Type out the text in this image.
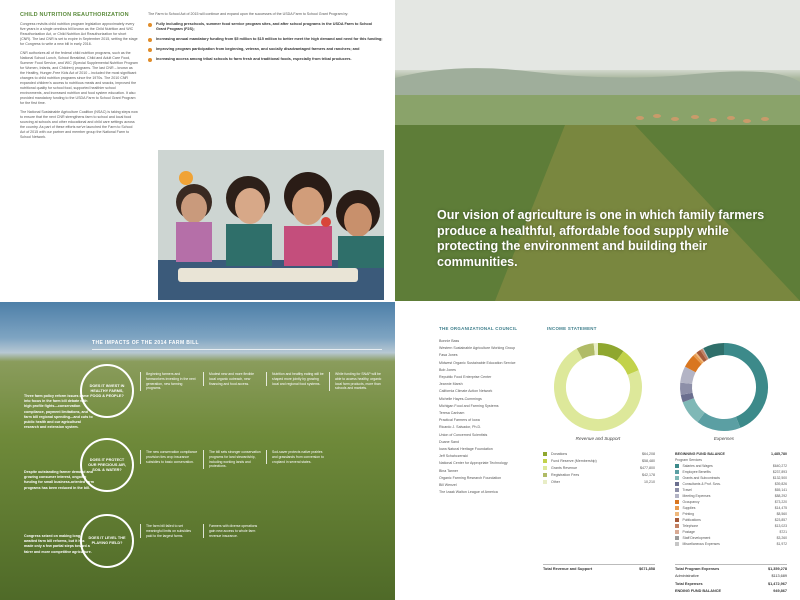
CHILD NUTRITION REAUTHORIZATION

Congress revisits child nutrition program legislation approximately every five years in a single omnibus bill known as the Child Nutrition and WIC Reauthorization Act, or Child Nutrition Act Reauthorization for short (CNR). The last CNR is set to expire in September 2015, setting the stage for Congress to write a new bill in early 2016.

CNR authorizes all of the federal child nutrition programs, such as the National School Lunch, School Breakfast, Child and Adult Care Food, Summer Food Service, and WIC (Special Supplemental Nutrition Program for Women, Infants, and Children) programs. The last CNR – known as the Healthy, Hunger-Free Kids Act of 2010 – included the most significant changes to child nutrition programs since the 1970s. The 2010 CNR expanded children's access to nutritious meals and snacks, improved the nutritional quality for school food, supported healthier school environments, and increased nutrition and food system education. It also provided mandatory funding to the USDA Farm to School Grant Program for the first time.

The National Sustainable Agriculture Coalition (NSAC) is taking steps now to ensure that the next CNR strengthens farm to school and local food sourcing at schools and other educational and child care settings across the country. As part of these efforts we've launched the Farm to School Act of 2015 with our partner and member group the National Farm to School Network.

The Farm to School Act of 2015 will continue and expand upon the successes of the USDA Farm to School Grant Program by:

Fully including preschools, summer food service program sites, and after school programs in the USDA Farm to School Grant Program (F2S);
Increasing annual mandatory funding from $5 million to $15 million to better meet the high demand and need for this funding;
Improving program participation from beginning, veteran, and socially disadvantaged farmers and ranchers; and
Increasing access among tribal schools to farm fresh and traditional foods, especially from tribal producers.
Our vision of agriculture is one in which family farmers produce a healthful, affordable food supply while protecting the environment and building their communities.
THE IMPACTS OF THE 2014 FARM BILL
Three farm policy reform issues came into focus in the farm bill debate with high profile fights—conservation compliance, payment limitations, and farm bill regional spending—and cuts to public health and our agricultural research and extension system.
Despite outstanding farmer demand and growing consumer interest, ongoing funding for small business-oriented farm programs has been reduced in the bill.
Congress seized on making long-awaited farm bill reforms, but it has made only a few partial steps toward a fairer and more competitive agriculture.
DOES IT INVEST IN HEALTHY FARMS, FOOD & PEOPLE?
Beginning farmers and farmworkers investing in the next generation, new farming programs.
Modest new and more flexible local organic outreach, new financing and food access.
Nutrition and healthy eating will be shaped more jointly by growing local and regional food systems.
While funding for SNAP will be able to access healthy, organic local farm products, more than schools and markets.
DOES IT PROTECT OUR PRECIOUS AIR, SOIL & WATER?
The new conservation compliance provision ties crop insurance subsidies to basic conservation.
The bill sets stronger conservation programs for land stewardship, including working lands and protections.
Sod-saver protects native prairies and grasslands from conversion to cropland in several states.
DOES IT LEVEL THE PLAYING FIELD?
The farm bill failed to set meaningful limits on subsidies paid to the largest farms.
Farmers with diverse operations gain new access to whole farm revenue insurance.
THE ORGANIZATIONAL COUNCIL	INCOME STATEMENT
Bonnie Bass
Western Sustainable Agriculture Working Group
Fasa Jones
Midwest Organic Sustainable Education Service
Bob Jones
Republic Food Enterprise Center
Jeannie Marsh
California Climate Action Network
Michelle Hayes-Cummings
Michigan Food and Farming Systems
Teresa Canham
Practical Farmers of Iowa
Ricardo J. Salvador, Ph.D.
Union of Concerned Scientists
Duane Sand
Iowa Natural Heritage Foundation
Jeff Schahczenski
National Center for Appropriate Technology
Bina Tanner
Organic Farming Research Foundation
Bill Wenzel
The Izaak Walton League of America
Revenue and Support	Expenses
Donations	$64,208
Fund Reserve (Membership)	$58,480
Grants Revenue	$477,800
Registration Fees	$42,178
Other	10,210
BEGINNING FUND BALANCE	1,485,780
Program Services
Salaries and Wages	$640,272
Employee Benefits	$237,893
Grants and Subcontracts	$132,500
Consultants & Prof. Svcs.	$39,826
Travel	$65,141
Meeting Expenses	$88,292
Occupancy	$73,220
Supplies	$14,475
Printing	$8,560
Publications	$23,857
Telephone	$13,023
Postage	$721
Staff Development	$3,260
Miscellaneous Expenses	$1,972
Total Revenue and Support	$671,858	Total Program Expenses	$1,359,278
Administrative	$113,689
Total Expenses	$1,472,967
ENDING FUND BALANCE	949,867
